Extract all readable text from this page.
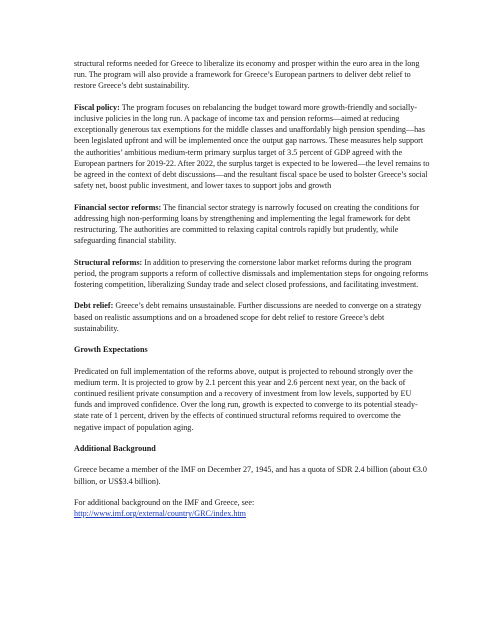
structural reforms needed for Greece to liberalize its economy and prosper within the euro area in the long run. The program will also provide a framework for Greece’s European partners to deliver debt relief to restore Greece’s debt sustainability.

Fiscal policy: The program focuses on rebalancing the budget toward more growth-friendly and socially-inclusive policies in the long run. A package of income tax and pension reforms—aimed at reducing exceptionally generous tax exemptions for the middle classes and unaffordably high pension spending—has been legislated upfront and will be implemented once the output gap narrows. These measures help support the authorities’ ambitious medium-term primary surplus target of 3.5 percent of GDP agreed with the European partners for 2019-22. After 2022, the surplus target is expected to be lowered—the level remains to be agreed in the context of debt discussions—and the resultant fiscal space be used to bolster Greece’s social safety net, boost public investment, and lower taxes to support jobs and growth

Financial sector reforms: The financial sector strategy is narrowly focused on creating the conditions for addressing high non-performing loans by strengthening and implementing the legal framework for debt restructuring. The authorities are committed to relaxing capital controls rapidly but prudently, while safeguarding financial stability.

Structural reforms: In addition to preserving the cornerstone labor market reforms during the program period, the program supports a reform of collective dismissals and implementation steps for ongoing reforms fostering competition, liberalizing Sunday trade and select closed professions, and facilitating investment.

Debt relief: Greece’s debt remains unsustainable. Further discussions are needed to converge on a strategy based on realistic assumptions and on a broadened scope for debt relief to restore Greece’s debt sustainability.

Growth Expectations

Predicated on full implementation of the reforms above, output is projected to rebound strongly over the medium term. It is projected to grow by 2.1 percent this year and 2.6 percent next year, on the back of continued resilient private consumption and a recovery of investment from low levels, supported by EU funds and improved confidence. Over the long run, growth is expected to converge to its potential steady-state rate of 1 percent, driven by the effects of continued structural reforms required to overcome the negative impact of population aging.

Additional Background

Greece became a member of the IMF on December 27, 1945, and has a quota of SDR 2.4 billion (about €3.0 billion, or US$3.4 billion).

For additional background on the IMF and Greece, see:
http://www.imf.org/external/country/GRC/index.htm
